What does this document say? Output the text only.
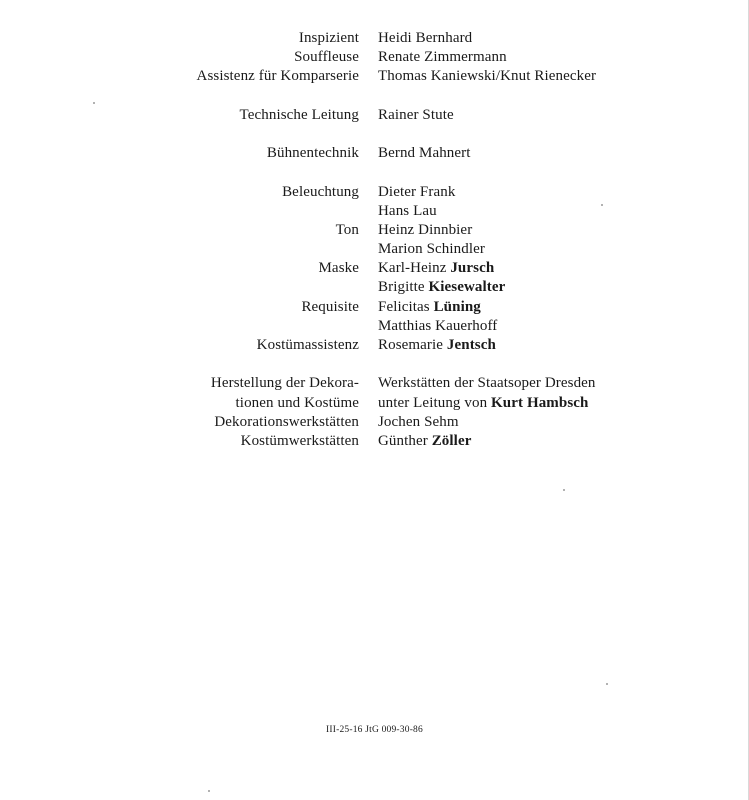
Inspizient Heidi Bernhard
Souffleuse Renate Zimmermann
Assistenz für Komparserie Thomas Kaniewski/Knut Rienecker
Technische Leitung Rainer Stute
Bühnentechnik Bernd Mahnert
Beleuchtung Dieter Frank
Hans Lau
Ton Heinz Dinnbier
Marion Schindler
Maske Karl-Heinz Jursch
Brigitte Kiesewalter
Requisite Felicitas Lüning
Matthias Kauerhoff
Kostümassistenz Rosemarie Jentsch
Herstellung der Dekora- Werkstätten der Staatsoper Dresden
tionen und Kostüme unter Leitung von Kurt Hambsch
Dekorationswerkstätten Jochen Sehm
Kostümwerkstätten Günther Zöller
III-25-16 JtG 009-30-86
